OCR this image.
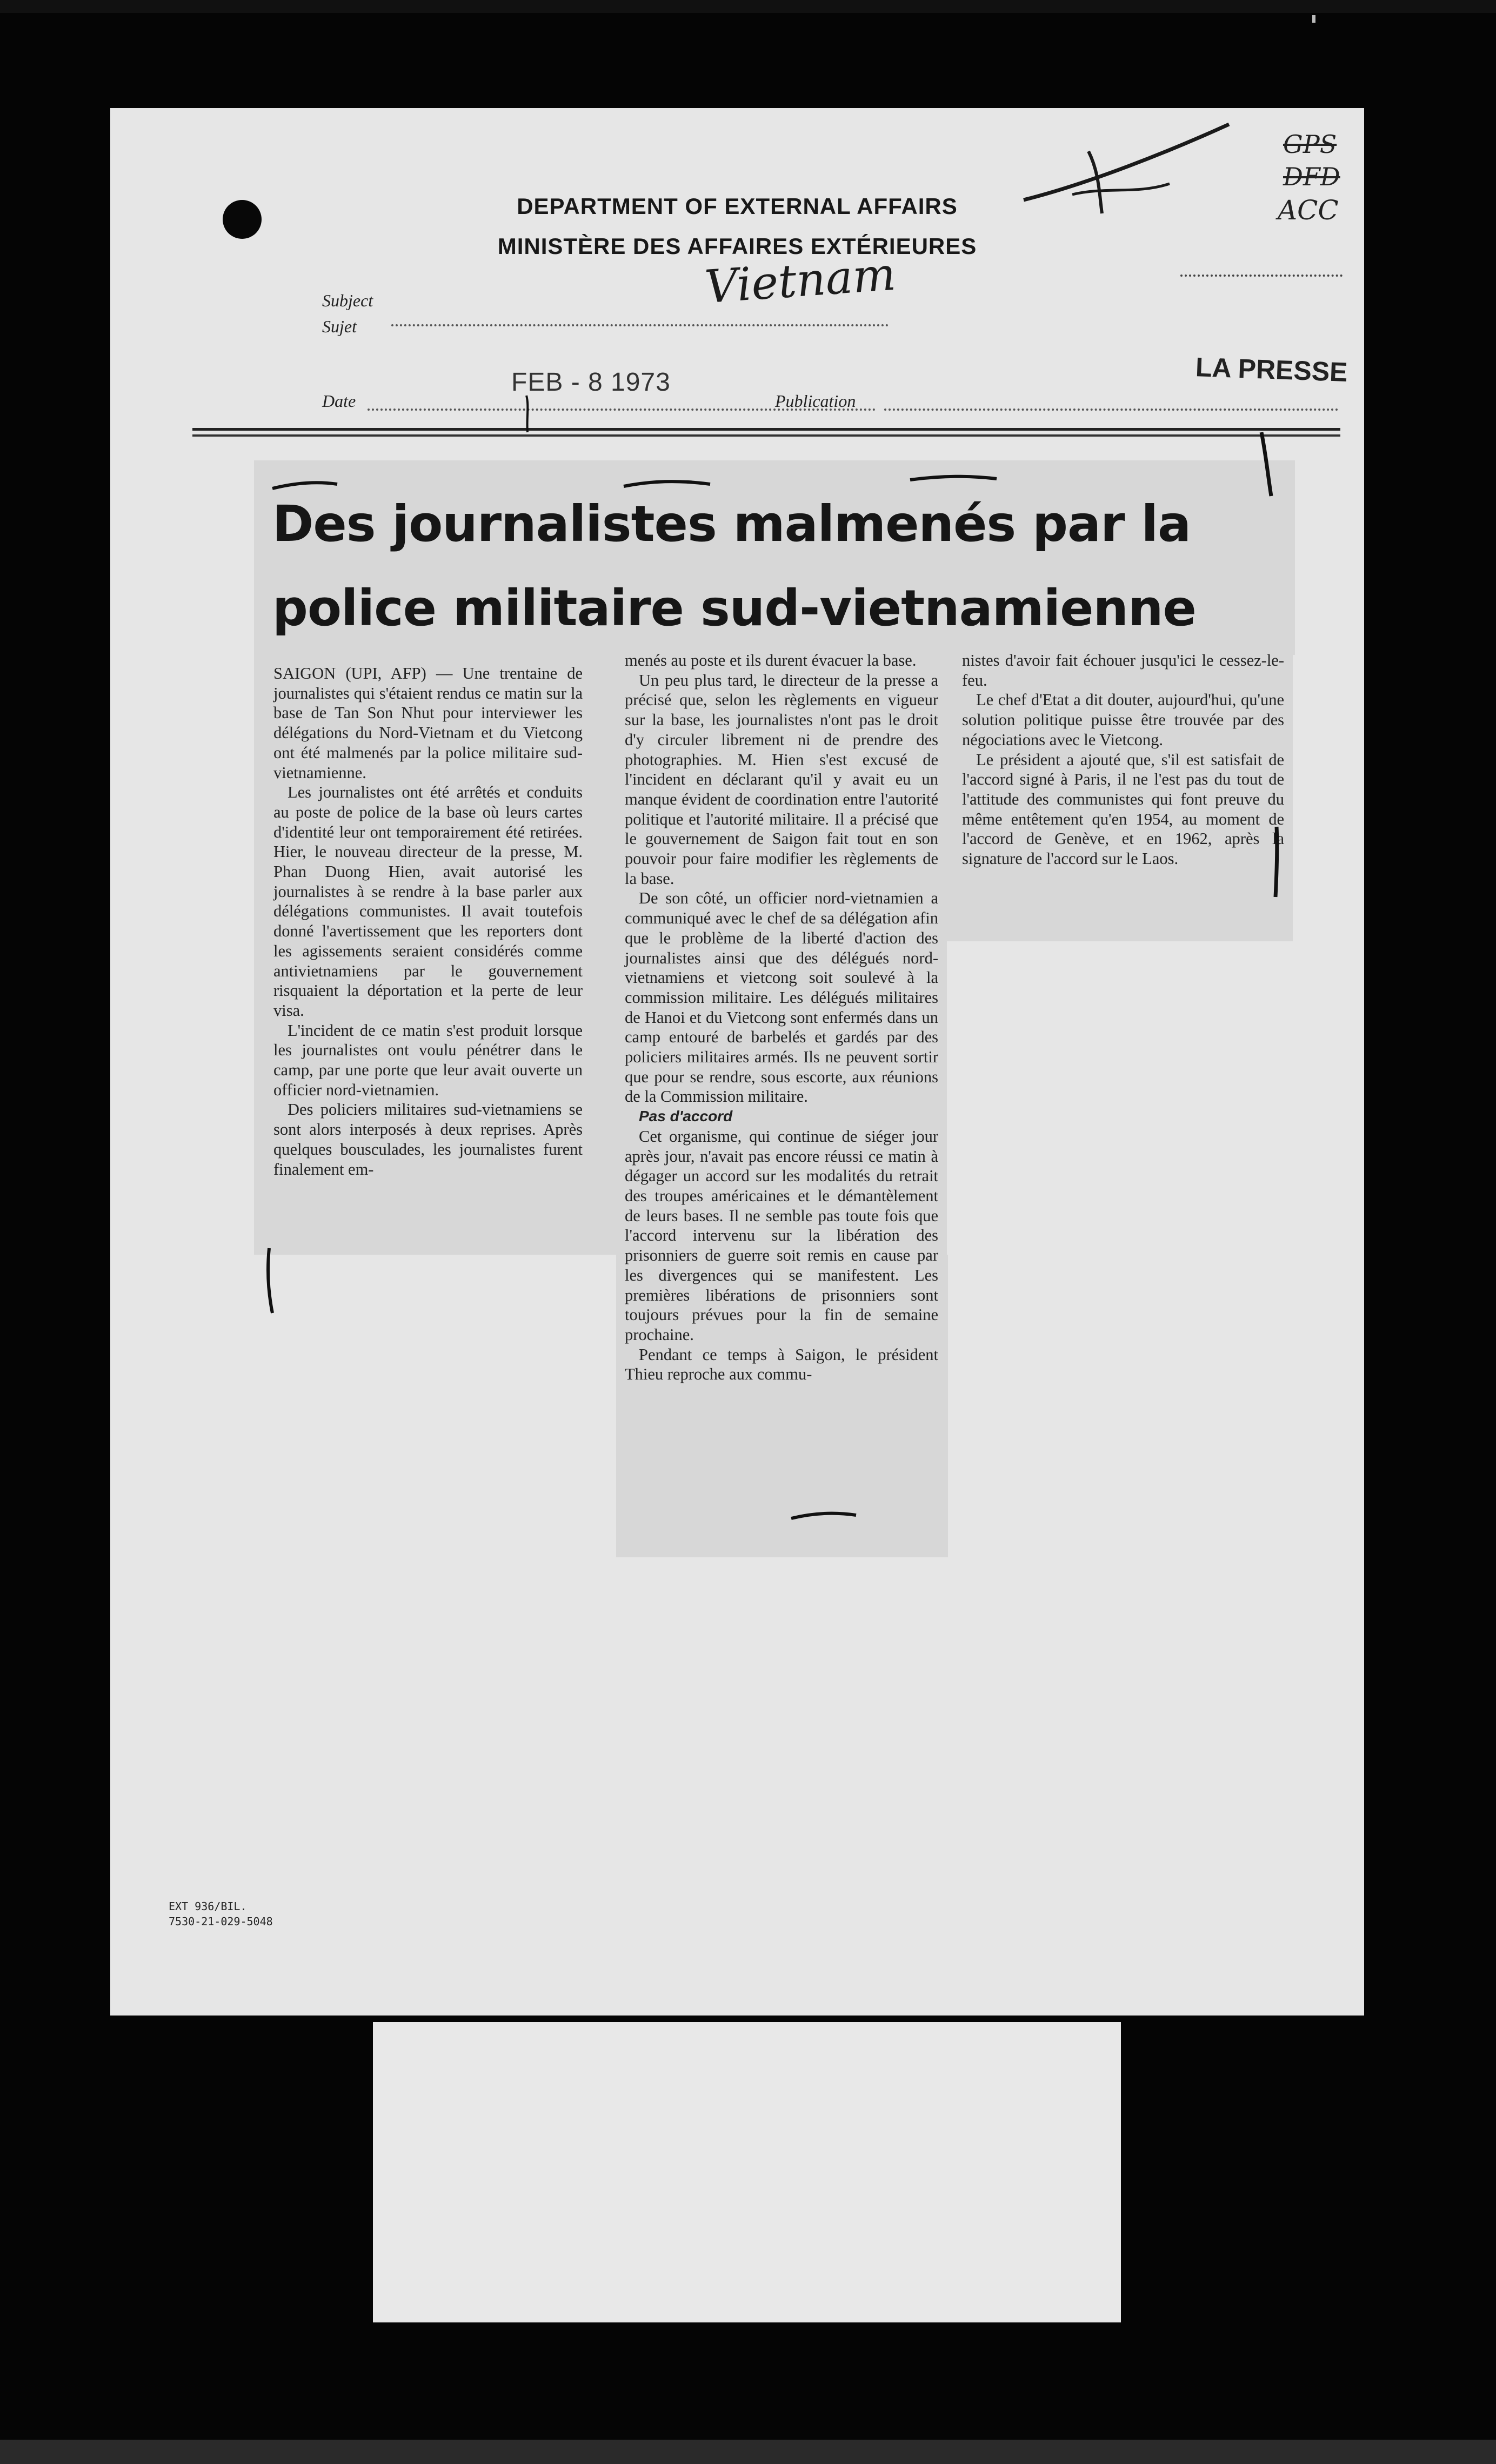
DEPARTMENT OF EXTERNAL AFFAIRS
MINISTÈRE DES AFFAIRES EXTÉRIEURES
GPS
DFD
ACC
Subject
Sujet
Vietnam
Date
FEB - 8 1973
Publication
LA PRESSE
Des journalistes malmenés par la police militaire sud-vietnamienne

SAIGON (UPI, AFP) — Une trentaine de journalistes qui s'étaient rendus ce matin sur la base de Tan Son Nhut pour interviewer les délégations du Nord-Vietnam et du Vietcong ont été malmenés par la police militaire sud-vietnamienne.

Les journalistes ont été arrêtés et conduits au poste de police de la base où leurs cartes d'identité leur ont temporairement été retirées. Hier, le nouveau directeur de la presse, M. Phan Duong Hien, avait autorisé les journalistes à se rendre à la base parler aux délégations communistes. Il avait toutefois donné l'avertissement que les reporters dont les agissements seraient considérés comme antivietnamiens par le gouvernement risquaient la déportation et la perte de leur visa.

L'incident de ce matin s'est produit lorsque les journalistes ont voulu pénétrer dans le camp, par une porte que leur avait ouverte un officier nord-vietnamien.

Des policiers militaires sud-vietnamiens se sont alors interposés à deux reprises. Après quelques bousculades, les journalistes furent finalement em-

menés au poste et ils durent évacuer la base.

Un peu plus tard, le directeur de la presse a précisé que, selon les règlements en vigueur sur la base, les journalistes n'ont pas le droit d'y circuler librement ni de prendre des photographies. M. Hien s'est excusé de l'incident en déclarant qu'il y avait eu un manque évident de coordination entre l'autorité politique et l'autorité militaire. Il a précisé que le gouvernement de Saigon fait tout en son pouvoir pour faire modifier les règlements de la base.

De son côté, un officier nord-vietnamien a communiqué avec le chef de sa délégation afin que le problème de la liberté d'action des journalistes ainsi que des délégués nord-vietnamiens et vietcong soit soulevé à la commission militaire. Les délégués militaires de Hanoi et du Vietcong sont enfermés dans un camp entouré de barbelés et gardés par des policiers militaires armés. Ils ne peuvent sortir que pour se rendre, sous escorte, aux réunions de la Commission militaire.

Pas d'accord

Cet organisme, qui continue de siéger jour après jour, n'avait pas encore réussi ce matin à dégager un accord sur les modalités du retrait des troupes américaines et le démantèlement de leurs bases. Il ne semble pas toute fois que l'accord intervenu sur la libération des prisonniers de guerre soit remis en cause par les divergences qui se manifestent. Les premières libérations de prisonniers sont toujours prévues pour la fin de semaine prochaine.

Pendant ce temps à Saigon, le président Thieu reproche aux commu-

nistes d'avoir fait échouer jusqu'ici le cessez-le-feu.

Le chef d'Etat a dit douter, aujourd'hui, qu'une solution politique puisse être trouvée par des négociations avec le Vietcong.

Le président a ajouté que, s'il est satisfait de l'accord signé à Paris, il ne l'est pas du tout de l'attitude des communistes qui font preuve du même entêtement qu'en 1954, au moment de l'accord de Genève, et en 1962, après la signature de l'accord sur le Laos.

EXT 936/BIL.
7530-21-029-5048
